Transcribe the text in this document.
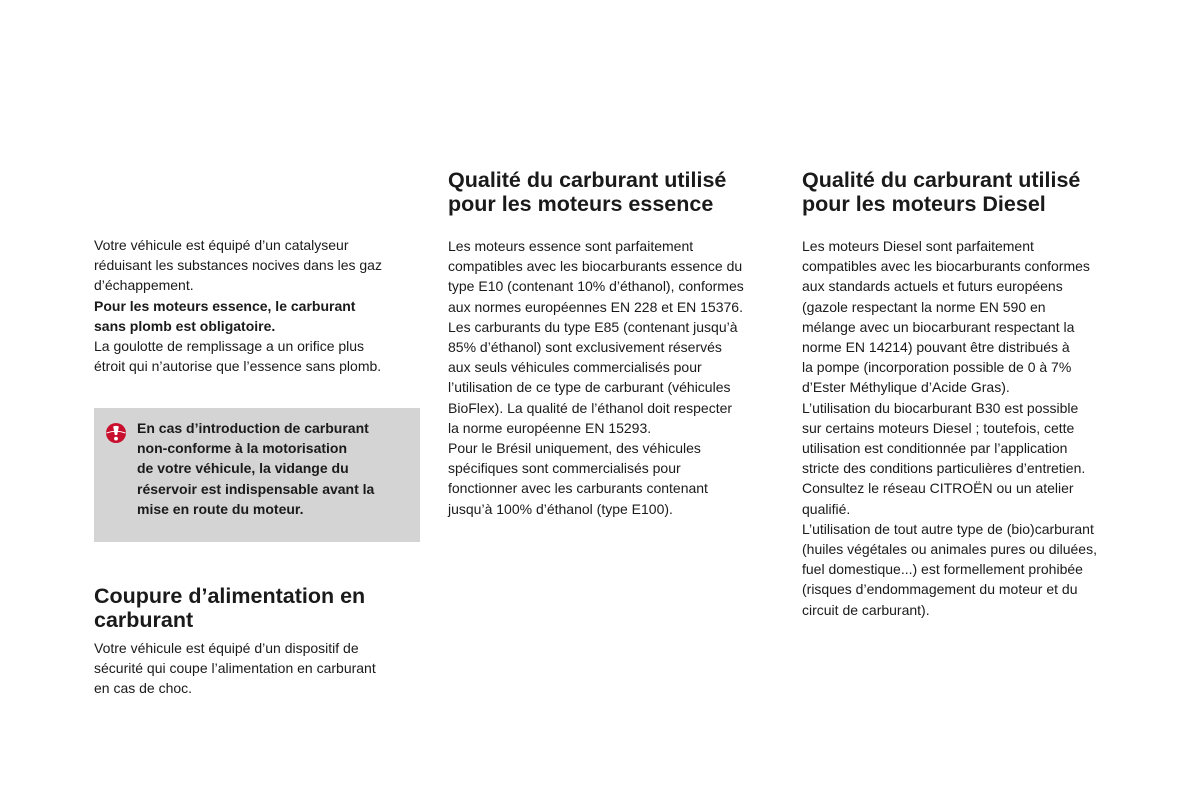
Votre véhicule est équipé d’un catalyseur
réduisant les substances nocives dans les gaz
d’échappement.

Pour les moteurs essence, le carburant
sans plomb est obligatoire.

La goulotte de remplissage a un orifice plus
étroit qui n’autorise que l’essence sans plomb.

En cas d’introduction de carburant
non-conforme à la motorisation
de votre véhicule, la vidange du
réservoir est indispensable avant la
mise en route du moteur.

Coupure d’alimentation en
carburant

Votre véhicule est équipé d’un dispositif de
sécurité qui coupe l’alimentation en carburant
en cas de choc.

Qualité du carburant utilisé
pour les moteurs essence

Les moteurs essence sont parfaitement
compatibles avec les biocarburants essence du
type E10 (contenant 10% d’éthanol), conformes
aux normes européennes EN 228 et EN 15376.
Les carburants du type E85 (contenant jusqu’à
85% d’éthanol) sont exclusivement réservés
aux seuls véhicules commercialisés pour
l’utilisation de ce type de carburant (véhicules
BioFlex). La qualité de l’éthanol doit respecter
la norme européenne EN 15293.
Pour le Brésil uniquement, des véhicules
spécifiques sont commercialisés pour
fonctionner avec les carburants contenant
jusqu’à 100% d’éthanol (type E100).

Qualité du carburant utilisé
pour les moteurs Diesel

Les moteurs Diesel sont parfaitement
compatibles avec les biocarburants conformes
aux standards actuels et futurs européens
(gazole respectant la norme EN 590 en
mélange avec un biocarburant respectant la
norme EN 14214) pouvant être distribués à
la pompe (incorporation possible de 0 à 7%
d’Ester Méthylique d’Acide Gras).
L’utilisation du biocarburant B30 est possible
sur certains moteurs Diesel ; toutefois, cette
utilisation est conditionnée par l’application
stricte des conditions particulières d’entretien.
Consultez le réseau CITROËN ou un atelier
qualifié.
L’utilisation de tout autre type de (bio)carburant
(huiles végétales ou animales pures ou diluées,
fuel domestique...) est formellement prohibée
(risques d’endommagement du moteur et du
circuit de carburant).
